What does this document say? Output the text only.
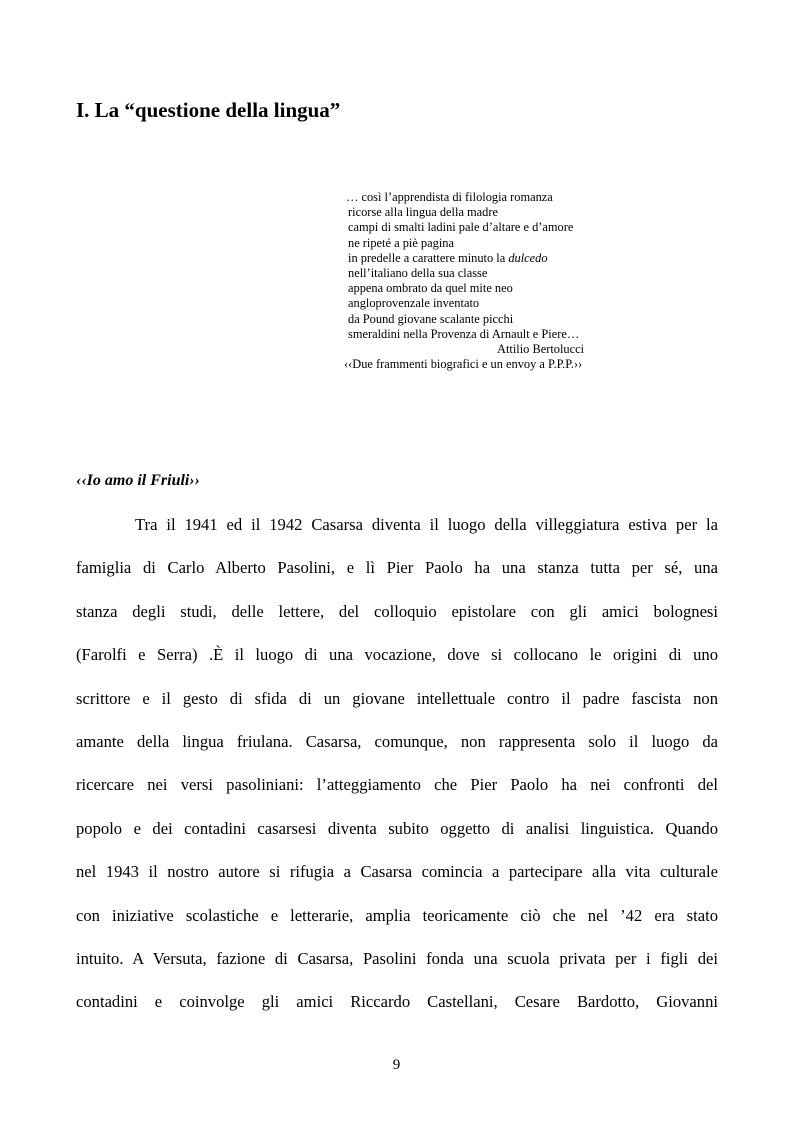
I. La “questione della lingua”
… così l’apprendista di filologia romanza
ricorse alla lingua della madre
campi di smalti ladini pale d’altare e d’amore
ne ripeté a piè pagina
in predelle a carattere minuto la dulcedo
nell’italiano della sua classe
appena ombrato da quel mite neo
angloprovenzale inventato
da Pound giovane scalante picchi
smeraldini nella Provenza di Arnault e Piere…
Attilio Bertolucci
‹‹Due frammenti biografici e un envoy a P.P.P.››
‹‹Io amo il Friuli››
Tra il 1941 ed il 1942 Casarsa diventa il luogo della villeggiatura estiva per la
famiglia di Carlo Alberto Pasolini, e lì Pier Paolo ha una stanza tutta per sé, una
stanza degli studi, delle lettere, del colloquio epistolare con gli amici bolognesi
(Farolfi e Serra) .È il luogo di una vocazione, dove si collocano le origini di uno
scrittore e il gesto di sfida di un giovane intellettuale contro il padre fascista non
amante della lingua friulana. Casarsa, comunque, non rappresenta solo il luogo da
ricercare nei versi pasoliniani: l’atteggiamento che Pier Paolo ha nei confronti del
popolo e dei contadini casarsesi diventa subito oggetto di analisi linguistica. Quando
nel 1943 il nostro autore si rifugia a Casarsa comincia a partecipare alla vita culturale
con iniziative scolastiche e letterarie, amplia teoricamente ciò che nel ’42 era stato
intuito. A Versuta, fazione di Casarsa, Pasolini fonda una scuola privata per i figli dei
contadini e coinvolge gli amici Riccardo Castellani, Cesare Bardotto, Giovanni
9
